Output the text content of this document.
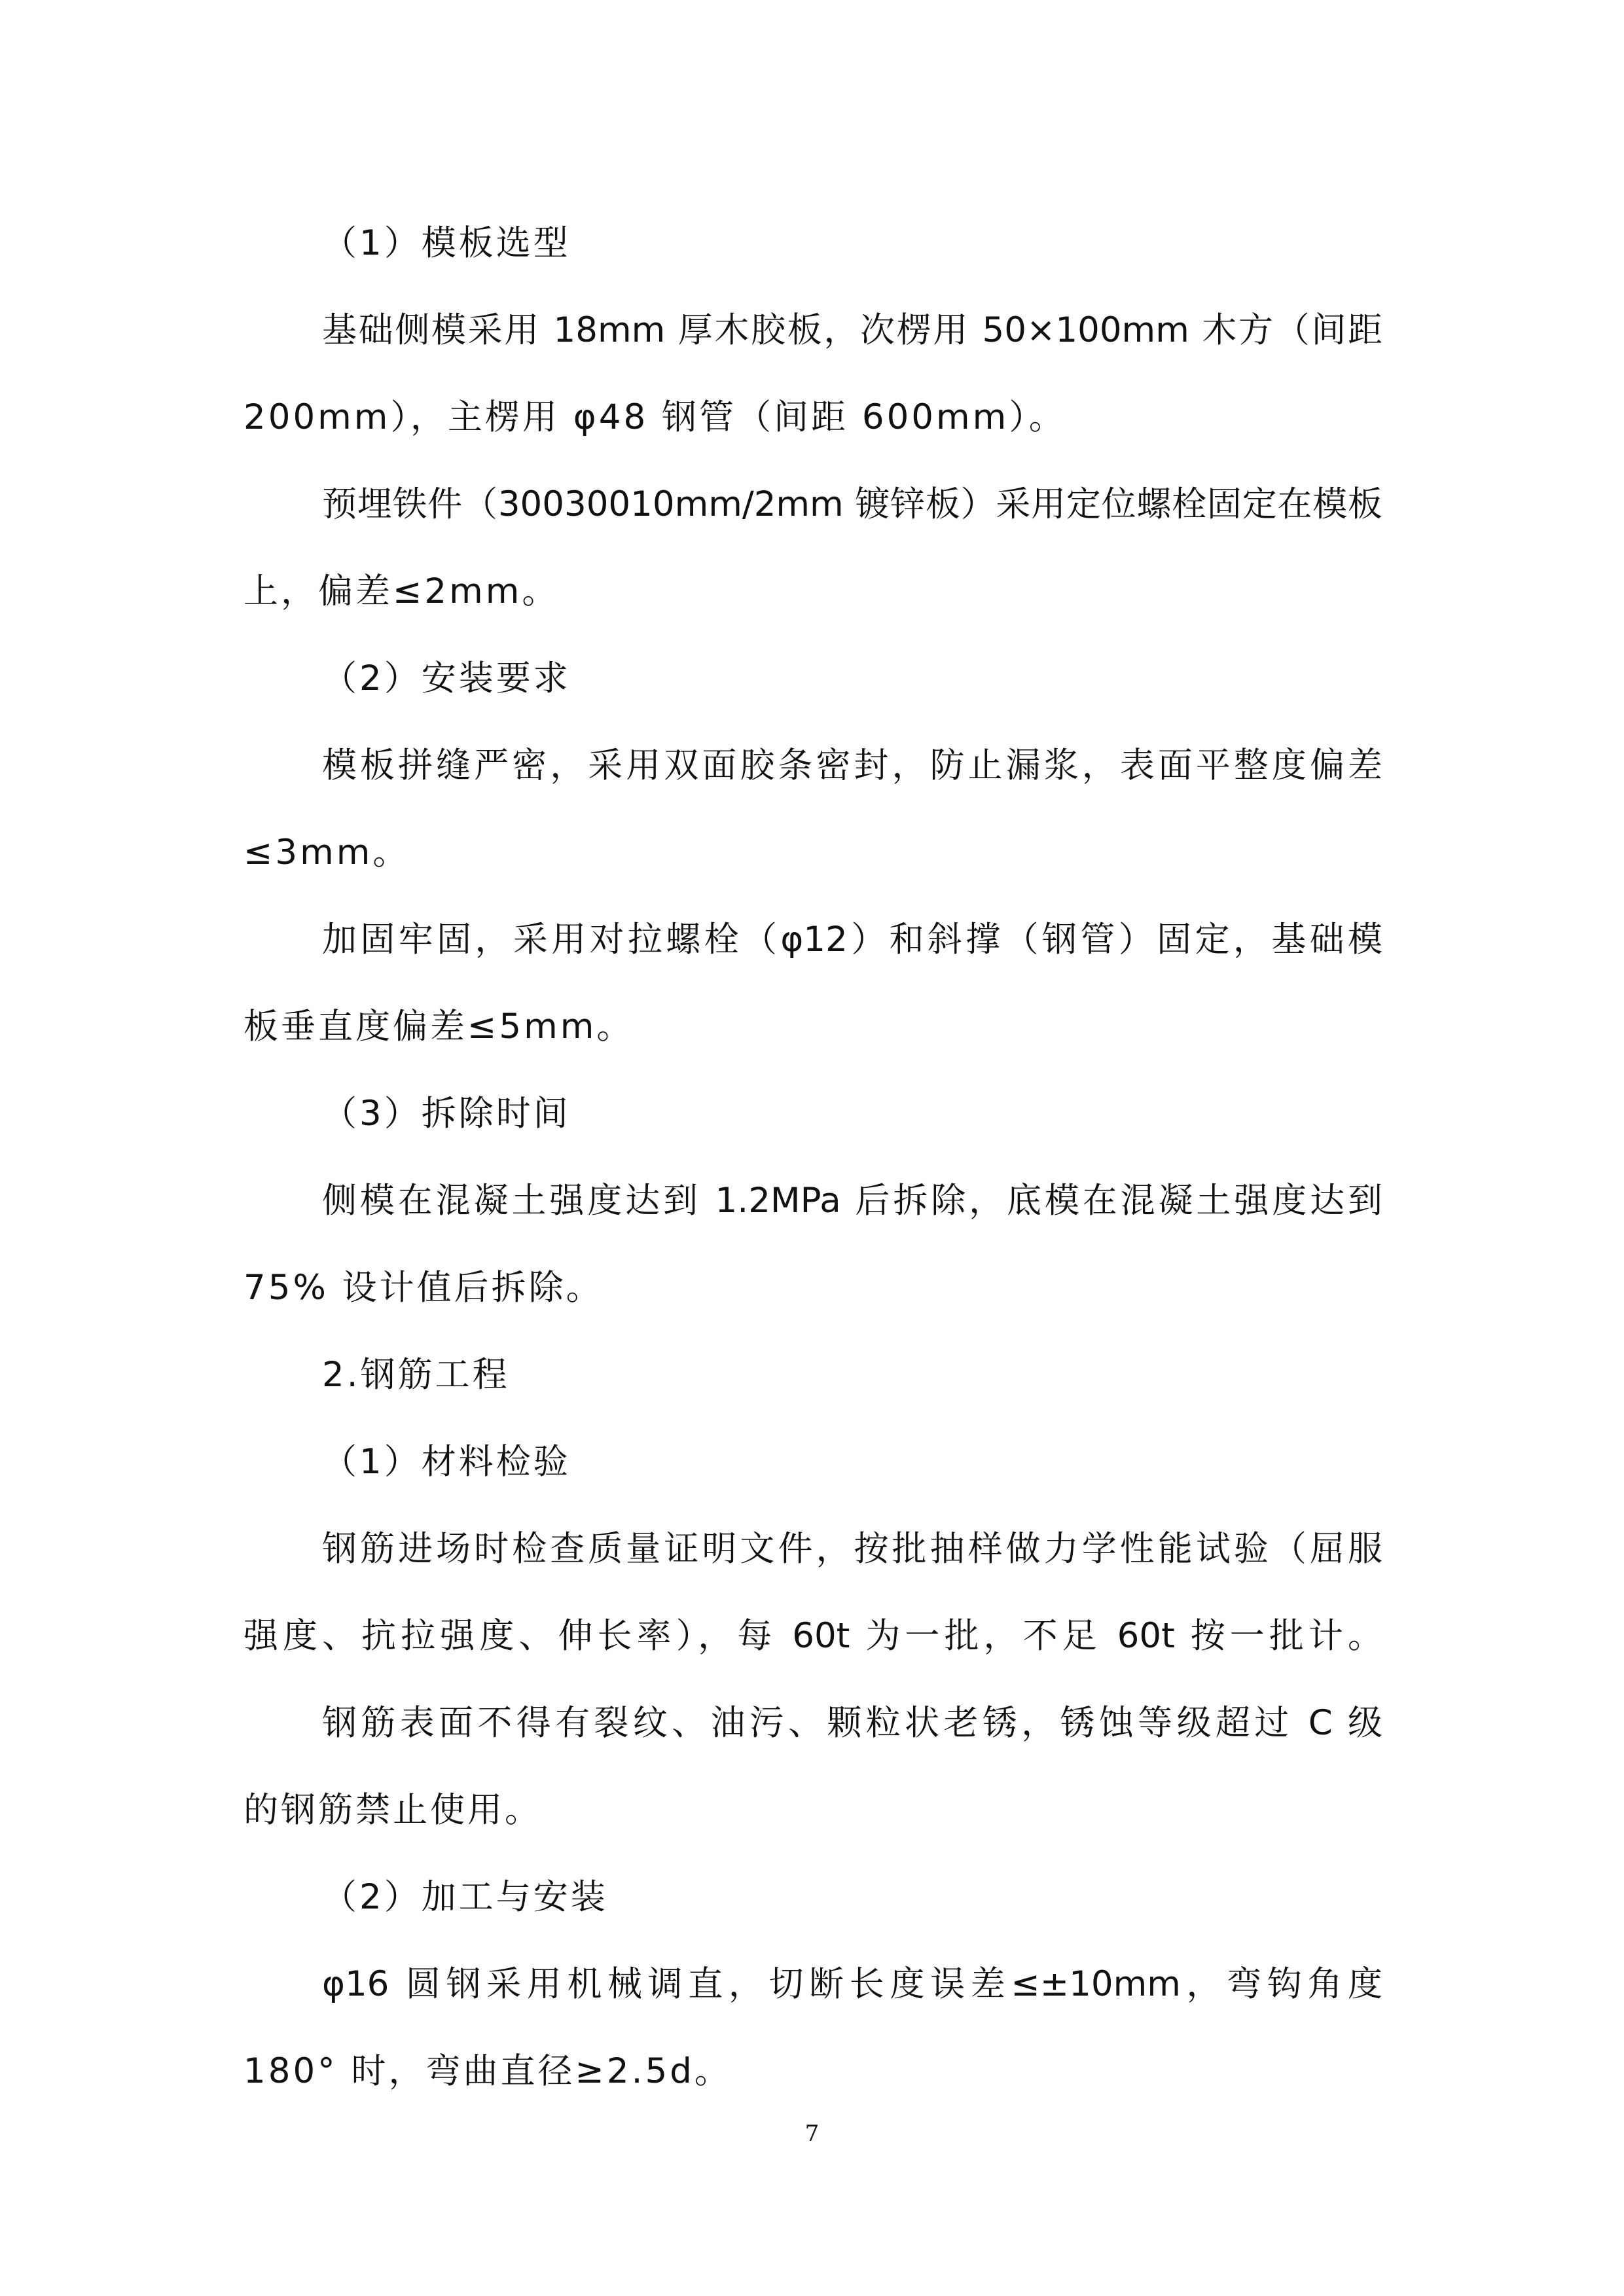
（1）模板选型
基础侧模采用 18mm 厚木胶板，次楞用 50×100mm 木方（间距
200mm），主楞用 φ48 钢管（间距 600mm）。
预埋铁件（30030010mm/2mm 镀锌板）采用定位螺栓固定在模板
上，偏差≤2mm。
（2）安装要求
模板拼缝严密，采用双面胶条密封，防止漏浆，表面平整度偏差
≤3mm。
加固牢固，采用对拉螺栓（φ12）和斜撑（钢管）固定，基础模
板垂直度偏差≤5mm。
（3）拆除时间
侧模在混凝土强度达到 1.2MPa 后拆除，底模在混凝土强度达到
75% 设计值后拆除。
2.钢筋工程
（1）材料检验
钢筋进场时检查质量证明文件，按批抽样做力学性能试验（屈服
强度、抗拉强度、伸长率），每 60t 为一批，不足 60t 按一批计。
钢筋表面不得有裂纹、油污、颗粒状老锈，锈蚀等级超过 C 级
的钢筋禁止使用。
（2）加工与安装
φ16 圆钢采用机械调直，切断长度误差≤±10mm，弯钩角度
180° 时，弯曲直径≥2.5d。
7
